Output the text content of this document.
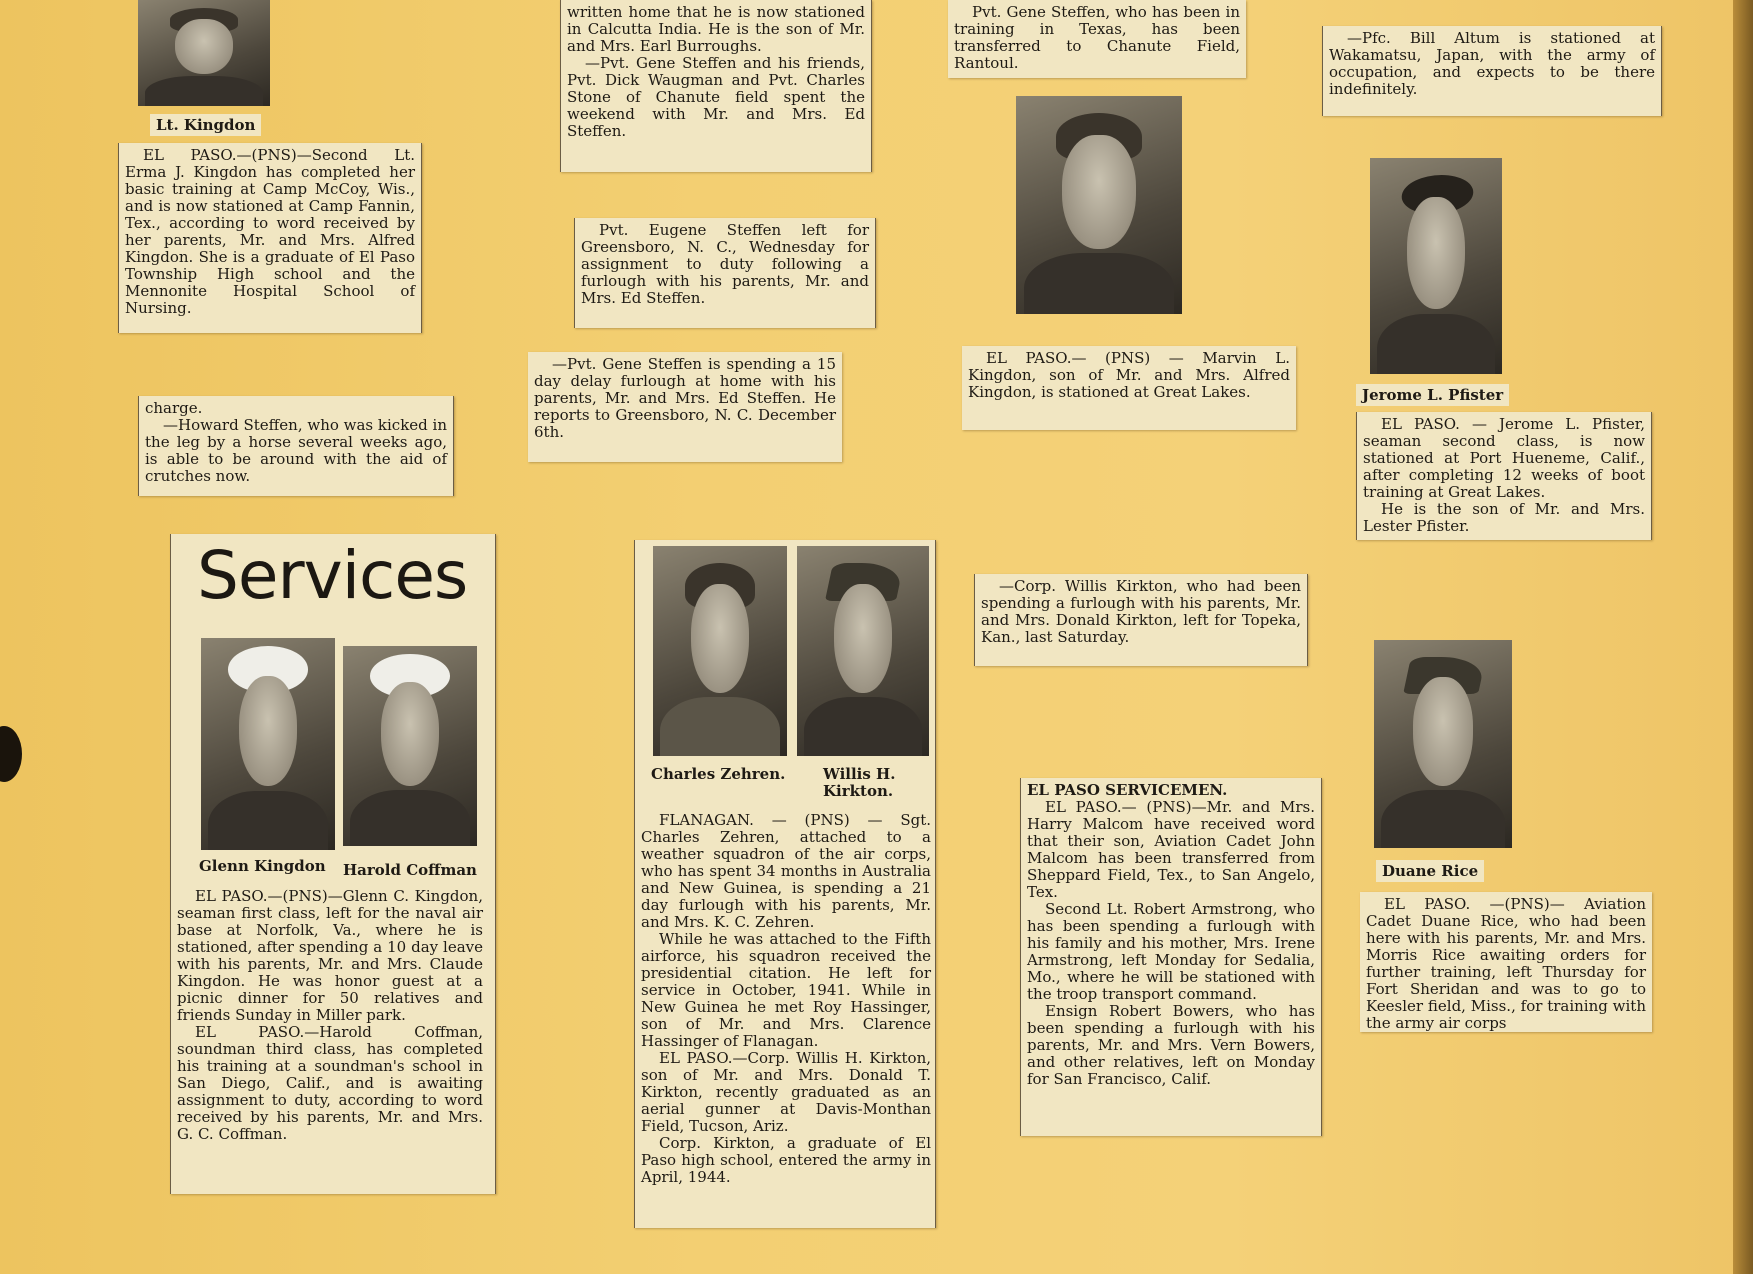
Lt. Kingdon

EL PASO.—(PNS)—Second Lt. Erma J. Kingdon has completed her basic training at Camp McCoy, Wis., and is now stationed at Camp Fannin, Tex., according to word received by her parents, Mr. and Mrs. Alfred Kingdon. She is a graduate of El Paso Township High school and the Mennonite Hospital School of Nursing.

written home that he is now stationed in Calcutta India. He is the son of Mr. and Mrs. Earl Burroughs.

—Pvt. Gene Steffen and his friends, Pvt. Dick Waugman and Pvt. Charles Stone of Chanute field spent the weekend with Mr. and Mrs. Ed Steffen.

Pvt. Gene Steffen, who has been in training in Texas, has been transferred to Chanute Field, Rantoul.

—Pfc. Bill Altum is stationed at Wakamatsu, Japan, with the army of occupation, and expects to be there indefinitely.

Pvt. Eugene Steffen left for Greensboro, N. C., Wednesday for assignment to duty following a furlough with his parents, Mr. and Mrs. Ed Steffen.

EL PASO.— (PNS) — Marvin L. Kingdon, son of Mr. and Mrs. Alfred Kingdon, is stationed at Great Lakes.	Jerome L. Pfister

EL PASO. — Jerome L. Pfister, seaman second class, is now stationed at Port Hueneme, Calif., after completing 12 weeks of boot training at Great Lakes.

He is the son of Mr. and Mrs. Lester Pfister.

charge.

—Howard Steffen, who was kicked in the leg by a horse several weeks ago, is able to be around with the aid of crutches now.

—Pvt. Gene Steffen is spending a 15 day delay furlough at home with his parents, Mr. and Mrs. Ed Steffen. He reports to Greensboro, N. C. December 6th.

Services
Glenn Kingdon Harold Coffman

EL PASO.—(PNS)—Glenn C. Kingdon, seaman first class, left for the naval air base at Norfolk, Va., where he is stationed, after spending a 10 day leave with his parents, Mr. and Mrs. Claude Kingdon. He was honor guest at a picnic dinner for 50 relatives and friends Sunday in Miller park.

EL PASO.—Harold Coffman, soundman third class, has completed his training at a soundman's school in San Diego, Calif., and is awaiting assignment to duty, according to word received by his parents, Mr. and Mrs. G. C. Coffman.

Charles Zehren.	Willis H. Kirkton.

FLANAGAN. — (PNS) — Sgt. Charles Zehren, attached to a weather squadron of the air corps, who has spent 34 months in Australia and New Guinea, is spending a 21 day furlough with his parents, Mr. and Mrs. K. C. Zehren.

While he was attached to the Fifth airforce, his squadron received the presidential citation. He left for service in October, 1941. While in New Guinea he met Roy Hassinger, son of Mr. and Mrs. Clarence Hassinger of Flanagan.

EL PASO.—Corp. Willis H. Kirkton, son of Mr. and Mrs. Donald T. Kirkton, recently graduated as an aerial gunner at Davis-Monthan Field, Tucson, Ariz.

Corp. Kirkton, a graduate of El Paso high school, entered the army in April, 1944.

—Corp. Willis Kirkton, who had been spending a furlough with his parents, Mr. and Mrs. Donald Kirkton, left for Topeka, Kan., last Saturday.

EL PASO SERVICEMEN.

EL PASO.— (PNS)—Mr. and Mrs. Harry Malcom have received word that their son, Aviation Cadet John Malcom has been transferred from Sheppard Field, Tex., to San Angelo, Tex.

Second Lt. Robert Armstrong, who has been spending a furlough with his family and his mother, Mrs. Irene Armstrong, left Monday for Sedalia, Mo., where he will be stationed with the troop transport command.

Ensign Robert Bowers, who has been spending a furlough with his parents, Mr. and Mrs. Vern Bowers, and other relatives, left on Monday for San Francisco, Calif.

Duane Rice

EL PASO. —(PNS)— Aviation Cadet Duane Rice, who had been here with his parents, Mr. and Mrs. Morris Rice awaiting orders for further training, left Thursday for Fort Sheridan and was to go to Keesler field, Miss., for training with the army air corps
